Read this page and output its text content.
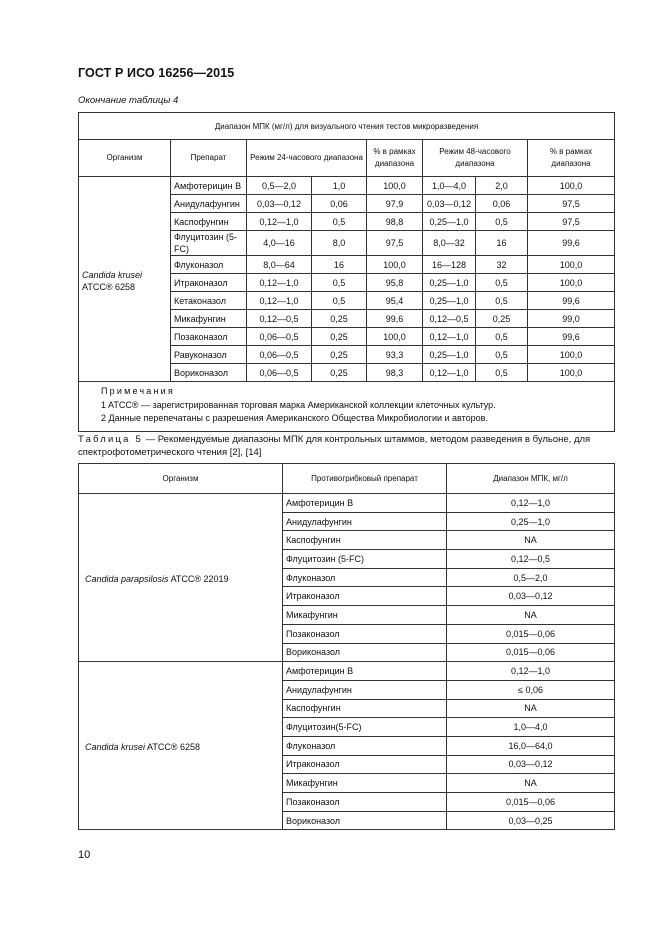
ГОСТ Р ИСО 16256—2015
Окончание таблицы 4
Диапазон МПК (мг/л) для визуального чтения тестов микроразведения							
Организм	Препарат	Режим 24-часового диапазона		% в рамках диапазона	Режим 48-часового диапазона		% в рамках диапазона
Candida krusei
ATCC® 6258	Амфотерицин В	0,5—2,0	1,0	100,0	1,0—4,0	2,0	100,0
	Анидулафунгин	0,03—0,12	0,06	97,9	0,03—0,12	0,06	97,5
	Каспофунгин	0,12—1,0	0,5	98,8	0,25—1,0	0,5	97,5
	Флуцитозин (5-FC)	4,0—16	8,0	97,5	8,0—32	16	99,6
	Флуконазол	8,0—64	16	100,0	16—128	32	100,0
	Итраконазол	0,12—1,0	0,5	95,8	0,25—1,0	0,5	100,0
	Кетаконазол	0,12—1,0	0,5	95,4	0,25—1,0	0,5	99,6
	Микафунгин	0,12—0,5	0,25	99,6	0,12—0,5	0,25	99,0
	Позаконазол	0,06—0,5	0,25	100,0	0,12—1,0	0,5	99,6
	Равуконазол	0,06—0,5	0,25	93,3	0,25—1,0	0,5	100,0
	Вориконазол	0,06—0,5	0,25	98,3	0,12—1,0	0,5	100,0

Примечания
1 ATCC® — зарегистрированная торговая марка Американской коллекции клеточных культур.
2 Данные перепечатаны с разрешения Американского Общества Микробиологии и авторов.							
Таблица 5 — Рекомендуемые диапазоны МПК для контрольных штаммов, методом разведения в бульоне, для спектрофотометрического чтения [2], [14]
Организм	Противогрибковый препарат	Диапазон МПК, мг/л
Candida parapsilosis ATCC® 22019	Амфотерицин В	0,12—1,0
	Анидулафунгин	0,25—1,0
	Каспофунгин	NA
	Флуцитозин (5-FC)	0,12—0,5
	Флуконазол	0,5—2,0
	Итраконазол	0,03—0,12
	Микафунгин	NA
	Позаконазол	0,015—0,06
	Вориконазол	0,015—0,06
Candida krusei ATCC® 6258	Амфотерицин В	0,12—1,0
	Анидулафунгин	≤ 0,06
	Каспофунгин	NA
	Флуцитозин(5-FC)	1,0—4,0
	Флуконазол	16,0—64,0
	Итраконазол	0,03—0,12
	Микафунгин	NA
	Позаконазол	0,015—0,06
	Вориконазол	0,03—0,25
10
